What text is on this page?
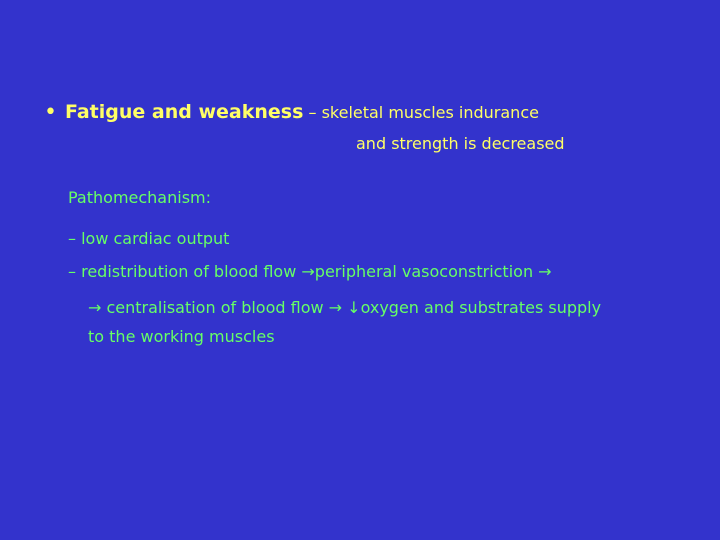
• Fatigue and weakness – skeletal muscles indurance
and strength is decreased
Pathomechanism:
– low cardiac output
– redistribution of blood flow →peripheral vasoconstriction →
→ centralisation of blood flow → ↓oxygen and substrates supply
to the working muscles
